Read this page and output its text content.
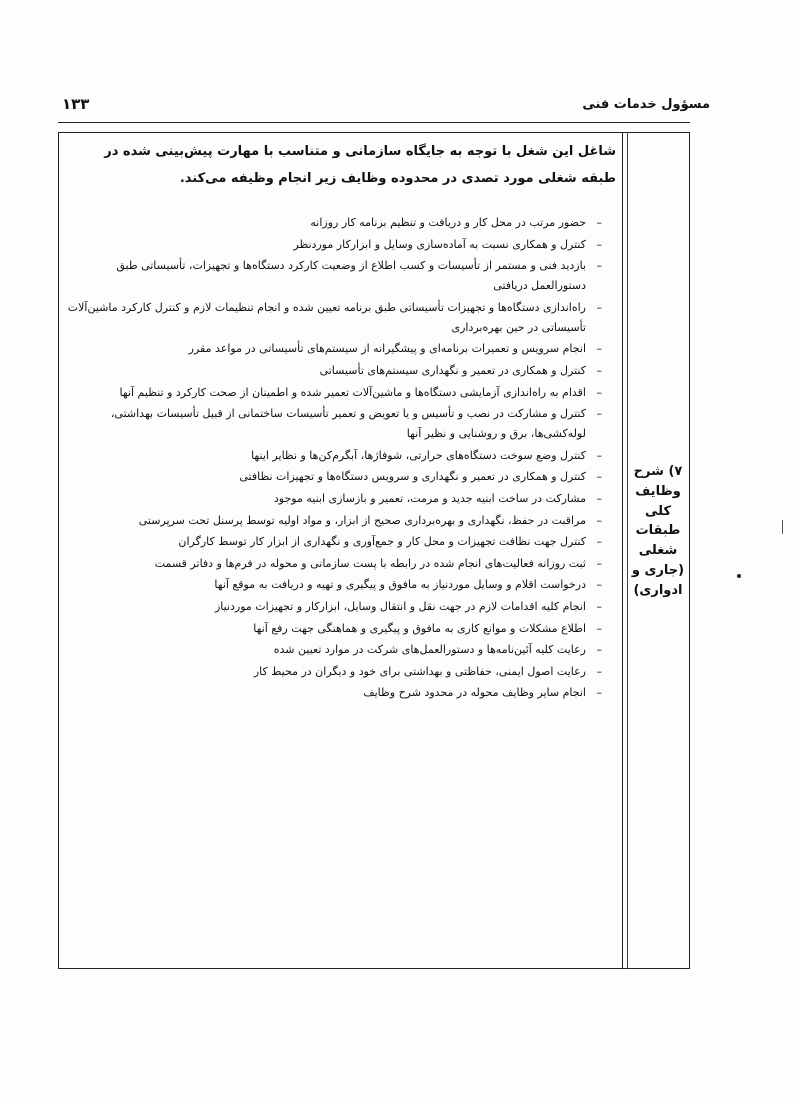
مسؤول خدمات فنی
۱۳۳
۷) شرح
وظایف
کلی
طبقات
شغلی
(جاری و
ادواری)
شاغل این شغل با توجه به جایگاه سازمانی و متناسب با مهارت پیش‌بینی شده در طبقه شغلی مورد تصدی در محدوده وظایف زیر انجام وظیفه می‌کند.
–
حضور مرتب در محل کار و دریافت و تنظیم برنامه کار روزانه
–
کنترل و همکاری نسبت به آماده‌سازی وسایل و ابزارکار موردنظر
–
بازدید فنی و مستمر از تأسیسات و کسب اطلاع از وضعیت کارکرد دستگاه‌ها و تجهیزات، تأسیساتی طبق دستورالعمل دریافتی
–
راه‌اندازی دستگاه‌ها و تجهیزات تأسیساتی طبق برنامه تعیین شده و انجام تنظیمات لازم و کنترل کارکرد ماشین‌آلات تأسیساتی در حین بهره‌برداری
–
انجام سرویس و تعمیرات برنامه‌ای و پیشگیرانه از سیستم‌های تأسیساتی در مواعد مقرر
–
کنترل و همکاری در تعمیر و نگهداری سیستم‌های تأسیساتی
–
اقدام به راه‌اندازی آزمایشی دستگاه‌ها و ماشین‌آلات تعمیر شده و اطمینان از صحت کارکرد و تنظیم آنها
–
کنترل و مشارکت در نصب و تأسیس و یا تعویض و تعمیر تأسیسات ساختمانی از قبیل تأسیسات بهداشتی، لوله‌کشی‌ها، برق و روشنایی و نظیر آنها
–
کنترل وضع سوخت دستگاه‌های حرارتی، شوفاژها، آبگرم‌کن‌ها و نظایر اینها
–
کنترل و همکاری در تعمیر و نگهداری و سرویس دستگاه‌ها و تجهیزات نظافتی
–
مشارکت در ساخت ابنیه جدید و مرمت، تعمیر و بازسازی ابنیه موجود
–
مراقبت در حفظ، نگهداری و بهره‌برداری صحیح از ابزار، و مواد اولیه توسط پرسنل تحت سرپرستی
–
کنترل جهت نظافت تجهیزات و محل کار و جمع‌آوری و نگهداری از ابزار کار توسط کارگران
–
ثبت روزانه فعالیت‌های انجام شده در رابطه با پست سازمانی و محوله در فرم‌ها و دفاتر قسمت
–
درخواست اقلام و وسایل موردنیاز به مافوق و پیگیری و تهیه و دریافت به موقع آنها
–
انجام کلیه اقدامات لازم در جهت نقل و انتقال وسایل، ابزارکار و تجهیزات موردنیاز
–
اطلاع مشکلات و موانع کاری به مافوق و پیگیری و هماهنگی جهت رفع آنها
–
رعایت کلیه آئین‌نامه‌ها و دستورالعمل‌های شرکت در موارد تعیین شده
–
رعایت اصول ایمنی، حفاظتی و بهداشتی برای خود و دیگران در محیط کار
–
انجام سایر وظایف محوله در محدود شرح وظایف
